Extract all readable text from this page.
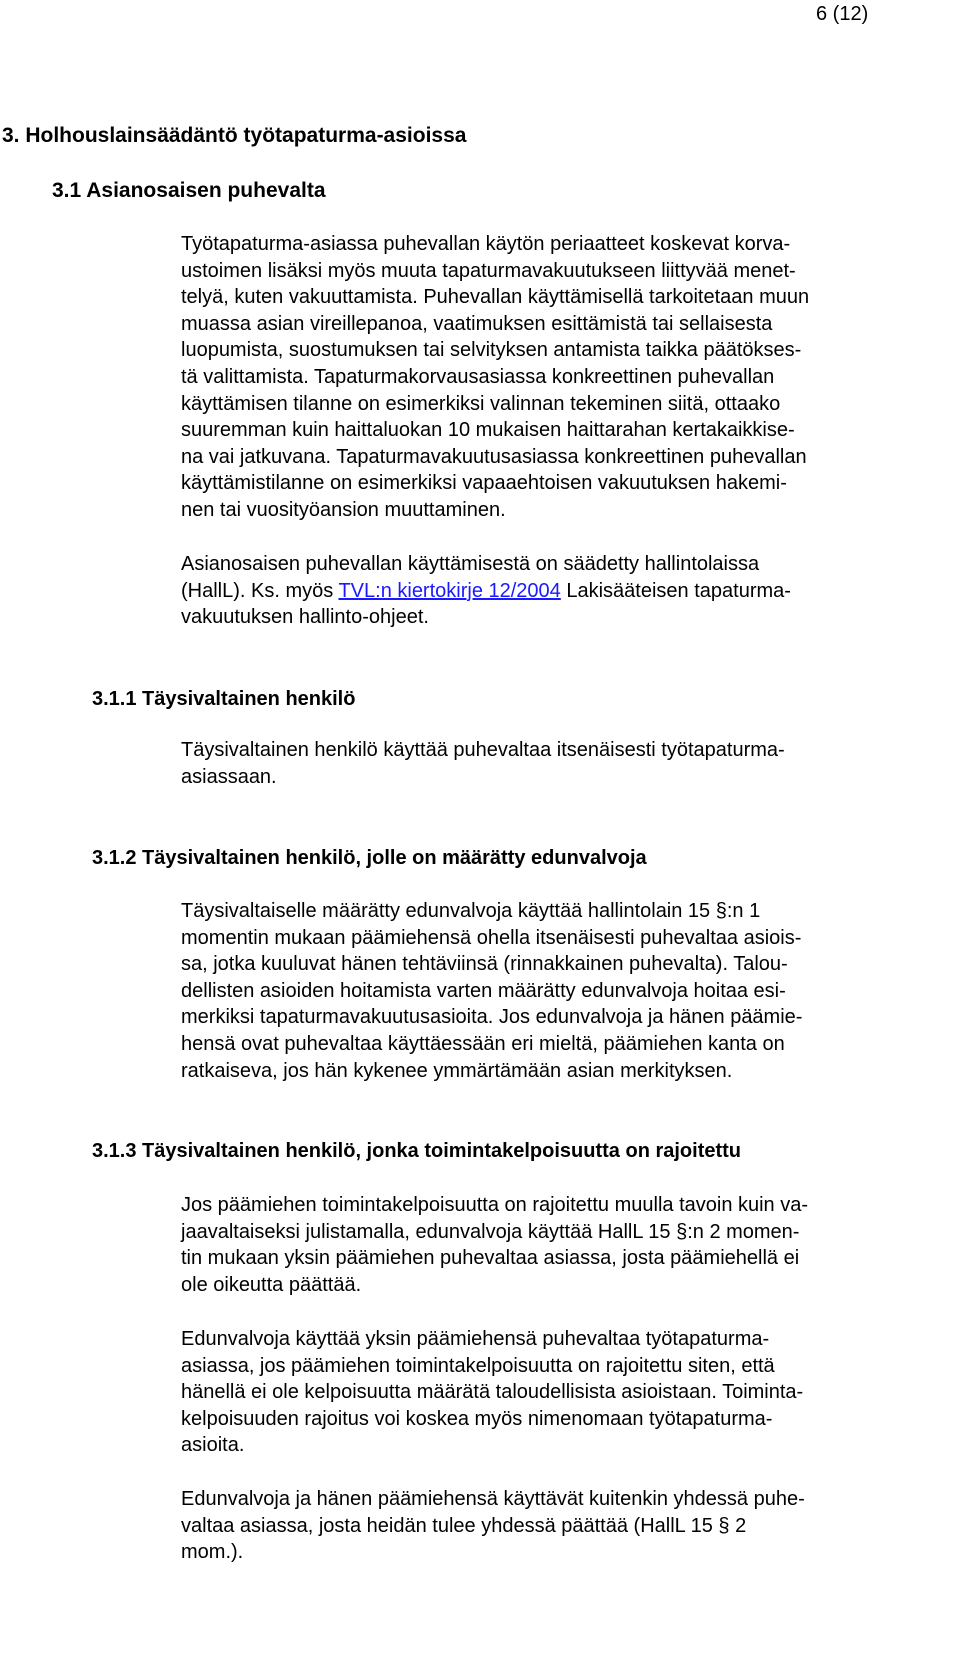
6 (12)
3. Holhouslainsäädäntö työtapaturma-asioissa
3.1 Asianosaisen puhevalta
Työtapaturma-asiassa puhevallan käytön periaatteet koskevat korva-
ustoimen lisäksi myös muuta tapaturmavakuutukseen liittyvää menet-
telyä, kuten vakuuttamista. Puhevallan käyttämisellä tarkoitetaan muun
muassa asian vireillepanoa, vaatimuksen esittämistä tai sellaisesta
luopumista, suostumuksen tai selvityksen antamista taikka päätökses-
tä valittamista. Tapaturmakorvausasiassa konkreettinen puhevallan
käyttämisen tilanne on esimerkiksi valinnan tekeminen siitä, ottaako
suuremman kuin haittaluokan 10 mukaisen haittarahan kertakaikkise-
na vai jatkuvana. Tapaturmavakuutusasiassa konkreettinen puhevallan
käyttämistilanne on esimerkiksi vapaaehtoisen vakuutuksen hakemi-
nen tai vuosityöansion muuttaminen.
Asianosaisen puhevallan käyttämisestä on säädetty hallintolaissa
(HallL). Ks. myös TVL:n kiertokirje 12/2004 Lakisääteisen tapaturma-
vakuutuksen hallinto-ohjeet.
3.1.1 Täysivaltainen henkilö
Täysivaltainen henkilö käyttää puhevaltaa itsenäisesti työtapaturma-
asiassaan.
3.1.2 Täysivaltainen henkilö, jolle on määrätty edunvalvoja
Täysivaltaiselle määrätty edunvalvoja käyttää hallintolain 15 §:n 1
momentin mukaan päämiehensä ohella itsenäisesti puhevaltaa asiois-
sa, jotka kuuluvat hänen tehtäviinsä (rinnakkainen puhevalta). Talou-
dellisten asioiden hoitamista varten määrätty edunvalvoja hoitaa esi-
merkiksi tapaturmavakuutusasioita. Jos edunvalvoja ja hänen päämie-
hensä ovat puhevaltaa käyttäessään eri mieltä, päämiehen kanta on
ratkaiseva, jos hän kykenee ymmärtämään asian merkityksen.
3.1.3 Täysivaltainen henkilö, jonka toimintakelpoisuutta on rajoitettu
Jos päämiehen toimintakelpoisuutta on rajoitettu muulla tavoin kuin va-
jaavaltaiseksi julistamalla, edunvalvoja käyttää HallL 15 §:n 2 momen-
tin mukaan yksin päämiehen puhevaltaa asiassa, josta päämiehellä ei
ole oikeutta päättää.
Edunvalvoja käyttää yksin päämiehensä puhevaltaa työtapaturma-
asiassa, jos päämiehen toimintakelpoisuutta on rajoitettu siten, että
hänellä ei ole kelpoisuutta määrätä taloudellisista asioistaan. Toiminta-
kelpoisuuden rajoitus voi koskea myös nimenomaan työtapaturma-
asioita.
Edunvalvoja ja hänen päämiehensä käyttävät kuitenkin yhdessä puhe-
valtaa asiassa, josta heidän tulee yhdessä päättää (HallL 15 § 2
mom.).
